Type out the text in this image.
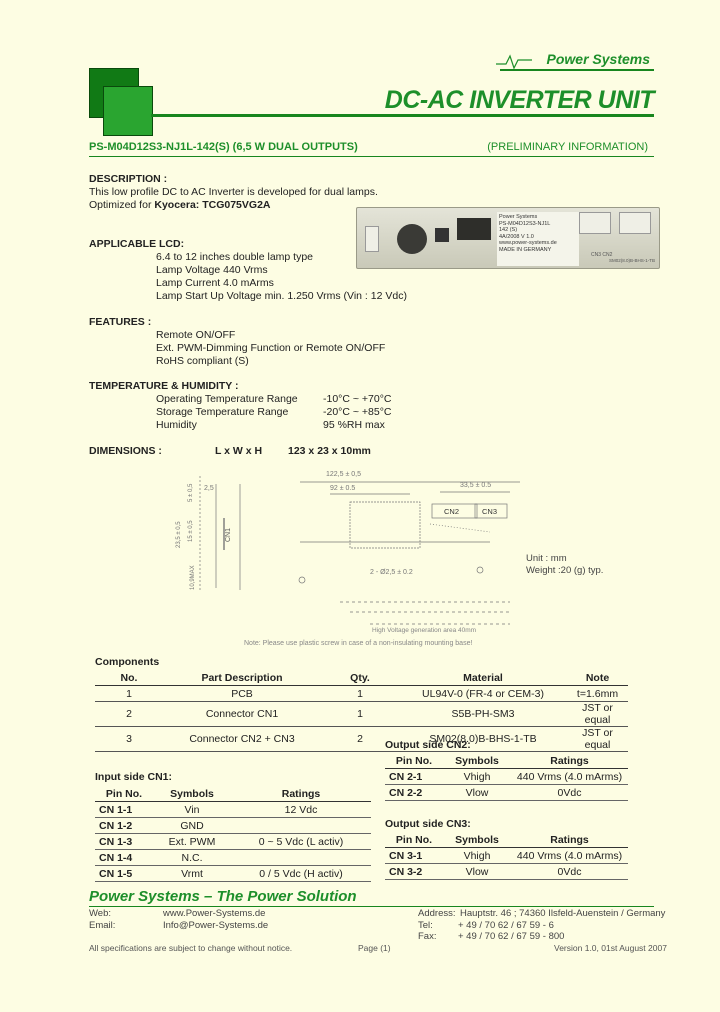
Power Systems
DC-AC INVERTER UNIT
PS-M04D12S3-NJ1L-142(S) (6,5 W DUAL OUTPUTS)	(PRELIMINARY INFORMATION)
DESCRIPTION :
This low profile DC to AC Inverter is developed for dual lamps.
Optimized for Kyocera: TCG075VG2A
Power Systems
PS-M04D12S3-NJ1L
142 (S)
4A/2008 V 1.0
www.power-systems.de
MADE IN GERMANY
CN3 CN2
SM02(8.0)B-BHS-1-TB
APPLICABLE LCD:
6.4 to 12 inches double lamp type
Lamp Voltage 440 Vrms
Lamp Current 4.0 mArms
Lamp Start Up Voltage min. 1.250 Vrms (Vin : 12 Vdc)
FEATURES :
Remote ON/OFF
Ext. PWM-Dimming Function or Remote ON/OFF
RoHS compliant (S)
TEMPERATURE & HUMIDITY :
Operating Temperature Range -10°C ~ +70°C
Storage Temperature Range	-20°C ~ +85°C
Humidity	95 %RH max
DIMENSIONS :	L x W x H 123 x 23 x 10mm
122,5 ± 0,5
92 ± 0.5	33,5 ± 0.5
2,5
5 ± 0,5
23,5 ± 0,5 15 ± 0,5
10,9MAX
CN1
CN2	CN3
2 - Ø2,5 ± 0.2
Unit : mm
Weight :20 (g) typ.
High Voltage generation area 40mm
Note: Please use plastic screw in case of a non-insulating mounting base!
Components
No.	Part Description	Qty.	Material	Note
1	PCB	1	UL94V-0 (FR-4 or CEM-3)	t=1.6mm
2	Connector CN1	1	S5B-PH-SM3	JST or equal
3	Connector CN2 + CN3	2	SM02(8.0)B-BHS-1-TB	JST or equal
Output side CN2:
Pin No.	Symbols	Ratings
CN 2-1	Vhigh	440 Vrms (4.0 mArms)
CN 2-2	Vlow	0Vdc
Input side CN1:
Pin No.	Symbols	Ratings
CN 1-1	Vin	12 Vdc
CN 1-2	GND	
CN 1-3	Ext. PWM	0 ~ 5 Vdc (L activ)
CN 1-4	N.C.	
CN 1-5	Vrmt	0 / 5 Vdc (H activ)
Output side CN3:
Pin No.	Symbols	Ratings
CN 3-1	Vhigh	440 Vrms (4.0 mArms)
CN 3-2	Vlow	0Vdc
Power Systems – The Power Solution
Web:	www.Power-Systems.de
Email:	Info@Power-Systems.de
Address: Hauptstr. 46 ; 74360 Ilsfeld-Auenstein / Germany
Tel:	+ 49 / 70 62 / 67 59 - 6
Fax: + 49 / 70 62 / 67 59 - 800
All specifications are subject to change without notice.	Page (1)	Version 1.0, 01st August 2007
